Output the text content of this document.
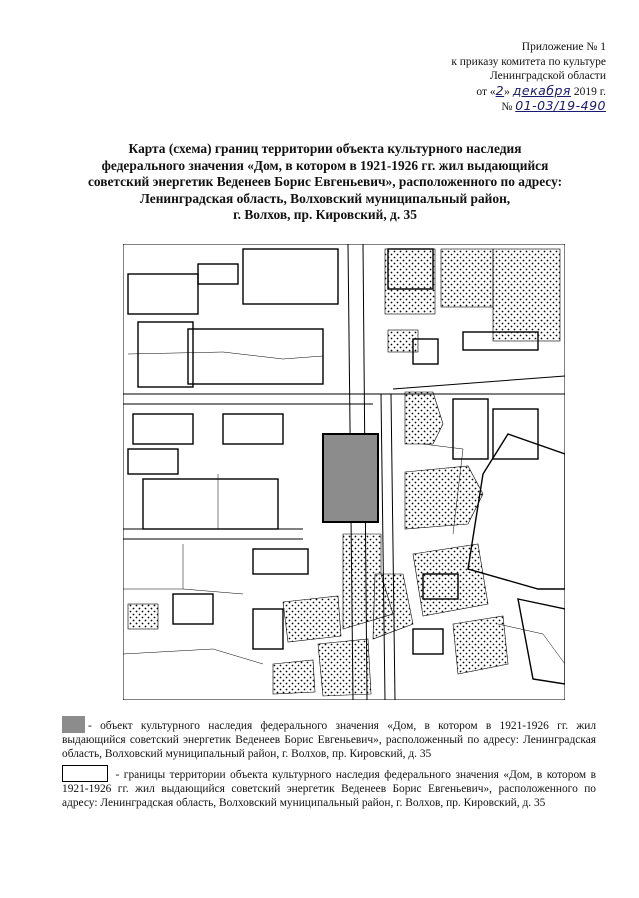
Приложение № 1
к приказу комитета по культуре
Ленинградской области
от «2» декабря 2019 г.
№ 01-03/19-490
Карта (схема) границ территории объекта культурного наследия
федерального значения «Дом, в котором в 1921-1926 гг. жил выдающийся
советский энергетик Веденеев Борис Евгеньевич», расположенного по адресу:
Ленинградская область, Волховский муниципальный район,
г. Волхов, пр. Кировский, д. 35
- объект культурного наследия федерального значения «Дом, в котором в 1921-1926 гг. жил выдающийся советский энергетик Веденеев Борис Евгеньевич», расположенный по адресу: Ленинградская область, Волховский муниципальный район, г. Волхов, пр. Кировский, д. 35
- границы территории объекта культурного наследия федерального значения «Дом, в котором в 1921-1926 гг. жил выдающийся советский энергетик Веденеев Борис Евгеньевич», расположенного по адресу: Ленинградская область, Волховский муниципальный район, г. Волхов, пр. Кировский, д. 35
